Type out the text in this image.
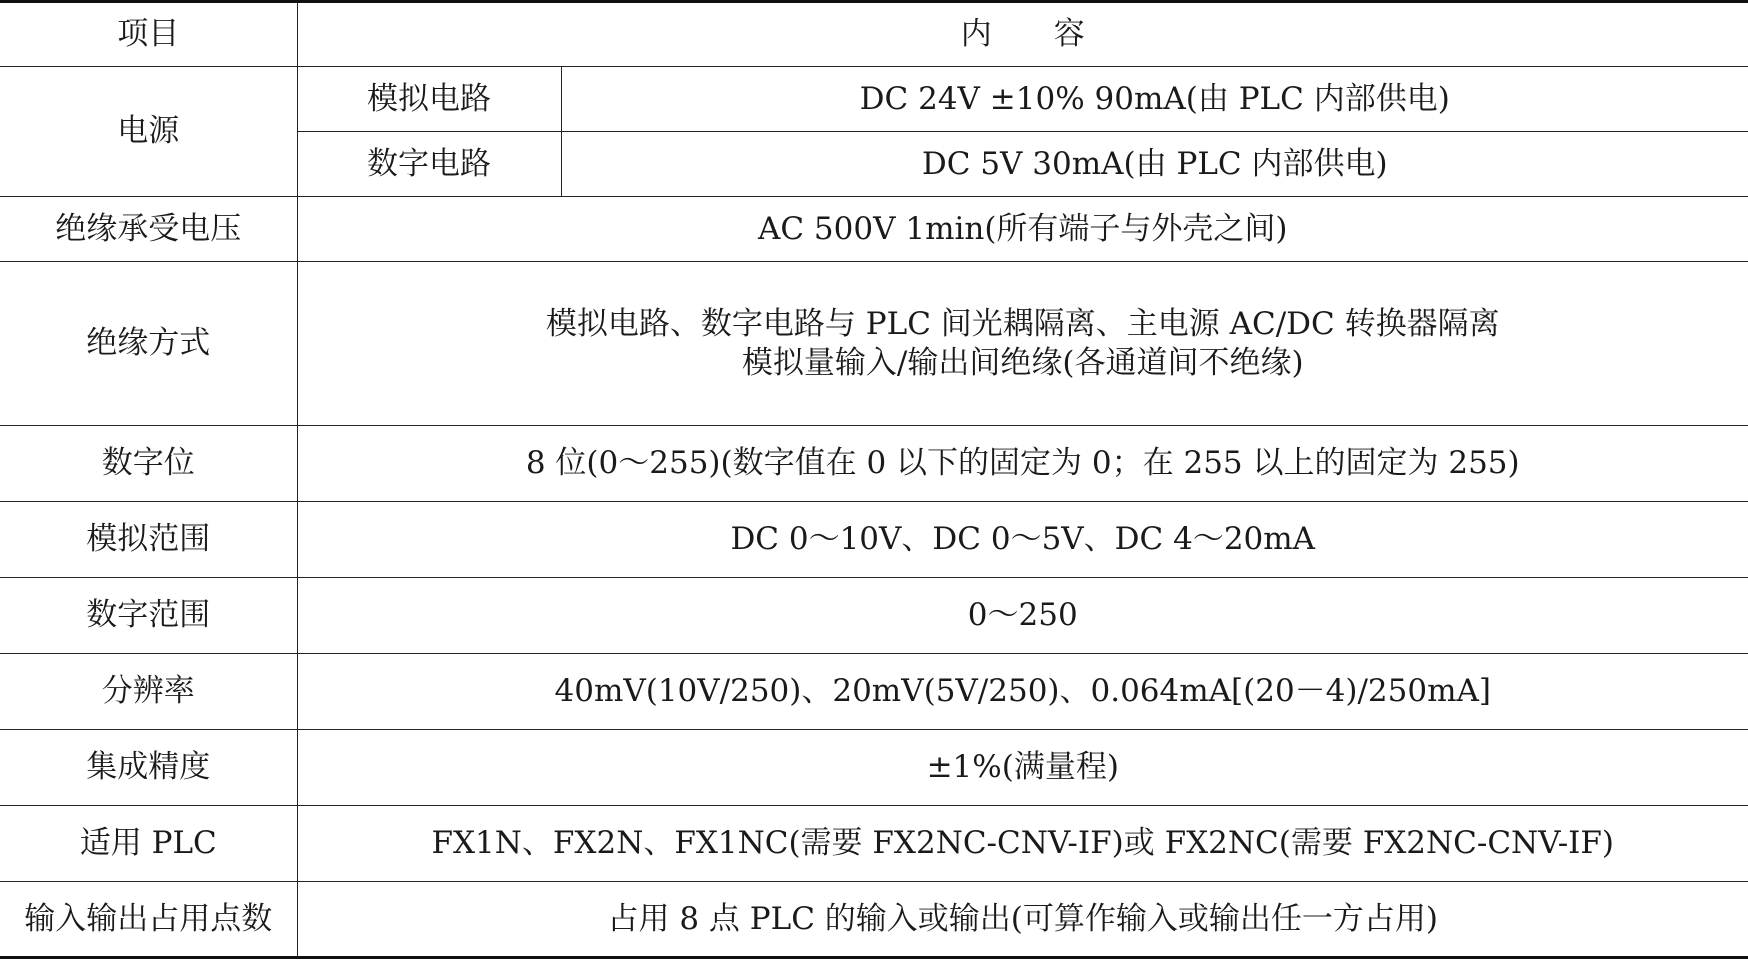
项目	内　　容	
电源	模拟电路	DC 24V ±10% 90mA(由 PLC 内部供电)
	数字电路	DC 5V 30mA(由 PLC 内部供电)
绝缘承受电压	AC 500V 1min(所有端子与外壳之间)	
绝缘方式	模拟电路、数字电路与 PLC 间光耦隔离、主电源 AC/DC 转换器隔离
模拟量输入/输出间绝缘(各通道间不绝缘)	

数字位	8 位(0～255)(数字值在 0 以下的固定为 0；在 255 以上的固定为 255)	
模拟范围	DC 0～10V、DC 0～5V、DC 4～20mA	
数字范围	0～250	
分辨率	40mV(10V/250)、20mV(5V/250)、0.064mA[(20－4)/250mA]	
集成精度	±1%(满量程)	
适用 PLC	FX1N、FX2N、FX1NC(需要 FX2NC-CNV-IF)或 FX2NC(需要 FX2NC-CNV-IF)	
输入输出占用点数	占用 8 点 PLC 的输入或输出(可算作输入或输出任一方占用)	
